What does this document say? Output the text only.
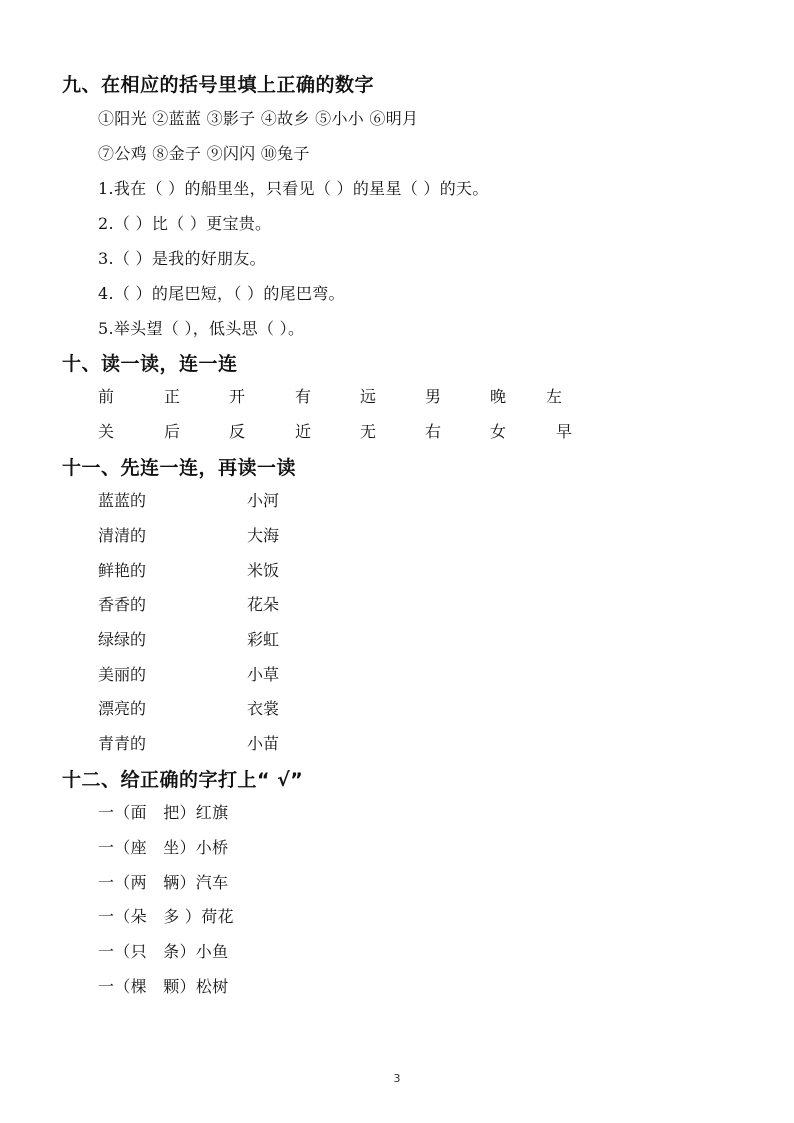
九、在相应的括号里填上正确的数字
①阳光 ②蓝蓝 ③影子 ④故乡 ⑤小小 ⑥明月
⑦公鸡 ⑧金子 ⑨闪闪 ⑩兔子
1.我在（ ）的船里坐，只看见（ ）的星星（ ）的天。
2.（ ）比（ ）更宝贵。
3.（ ）是我的好朋友。
4.（ ）的尾巴短，（ ）的尾巴弯。
5.举头望（ ），低头思（ ）。
十、读一读，连一连
前	正	开	有	远	男	晚 左
关	后	反	近	无	右	女	早
十一、先连一连，再读一读
蓝蓝的	小河
清清的	大海
鲜艳的	米饭
香香的	花朵
绿绿的	彩虹
美丽的	小草
漂亮的	衣裳
青青的	小苗
十二、给正确的字打上“ √”
一（面　把）红旗
一（座　坐）小桥
一（两　辆）汽车
一（朵　多 ）荷花
一（只　条）小鱼
一（棵　颗）松树
3
